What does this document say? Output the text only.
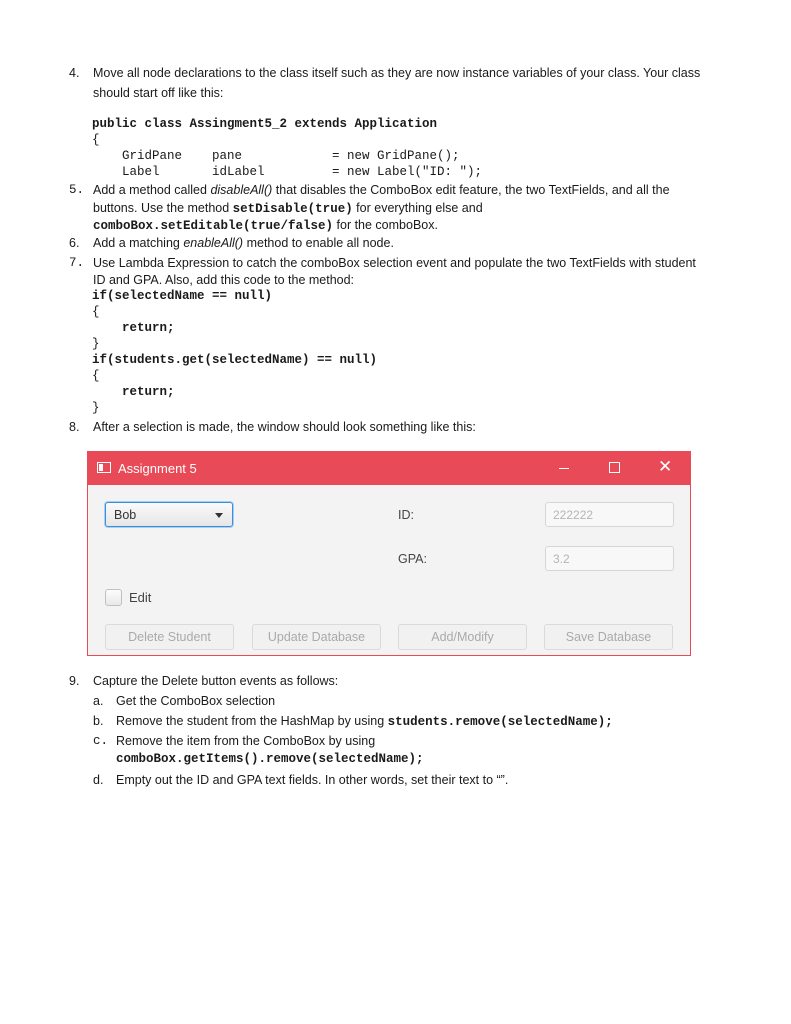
4. Move all node declarations to the class itself such as they are now instance variables of your class. Your class
should start off like this:
public class Assingment5_2 extends Application
{
GridPane    pane            = new GridPane();
Label       idLabel         = new Label("ID: ");
5. Add a method called disableAll() that disables the ComboBox edit feature, the two TextFields, and all the
buttons. Use the method setDisable(true) for everything else and
comboBox.setEditable(true/false) for the comboBox.
6. Add a matching enableAll() method to enable all node.
7. Use Lambda Expression to catch the comboBox selection event and populate the two TextFields with student
ID and GPA. Also, add this code to the method:
if(selectedName == null)
{
return;
}
if(students.get(selectedName) == null)
{
return;
}
8. After a selection is made, the window should look something like this:
Assignment 5	✕
Bob	ID:	222222
GPA:	3.2
Edit
Delete Student	Update Database	Add/Modify	Save Database
9. Capture the Delete button events as follows:
a. Get the ComboBox selection
b. Remove the student from the HashMap by using students.remove(selectedName);
c. Remove the item from the ComboBox by using
comboBox.getItems().remove(selectedName);
d. Empty out the ID and GPA text fields. In other words, set their text to “”.
